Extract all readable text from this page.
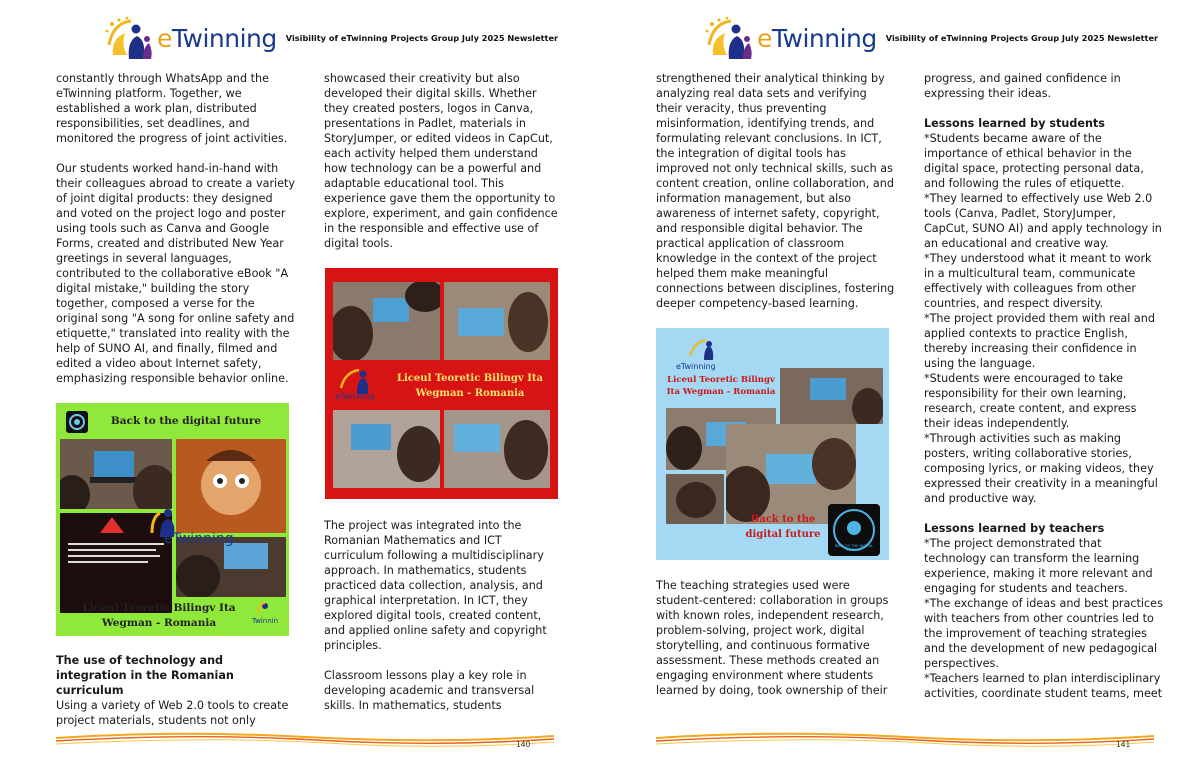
eTwinning Visibility of eTwinning Projects Group July 2025 Newsletter

constantly through WhatsApp and the eTwinning platform. Together, we established a work plan, distributed responsibilities, set deadlines, and monitored the progress of joint activities.

Our students worked hand-in-hand with their colleagues abroad to create a variety of joint digital products: they designed and voted on the project logo and poster using tools such as Canva and Google Forms, created and distributed New Year greetings in several languages, contributed to the collaborative eBook "A digital mistake," building the story together, composed a verse for the original song "A song for online safety and etiquette," translated into reality with the help of SUNO AI, and finally, filmed and edited a video about Internet safety, emphasizing responsible behavior online.

Back to the digital future
eTwinning
Liceul Teoretic Bilingv Ita
Wegman - Romania	Twinnin
The use of technology and integration in the Romanian curriculum

Using a variety of Web 2.0 tools to create project materials, students not only

showcased their creativity but also developed their digital skills. Whether they created posters, logos in Canva, presentations in Padlet, materials in StoryJumper, or edited videos in CapCut, each activity helped them understand how technology can be a powerful and adaptable educational tool. This experience gave them the opportunity to explore, experiment, and gain confidence in the responsible and effective use of digital tools.

eTwinning
Liceul Teoretic Bilingv Ita
Wegman - Romania

The project was integrated into the Romanian Mathematics and ICT curriculum following a multidisciplinary approach. In mathematics, students practiced data collection, analysis, and graphical interpretation. In ICT, they explored digital tools, created content, and applied online safety and copyright principles.

Classroom lessons play a key role in developing academic and transversal skills. In mathematics, students

140
eTwinning Visibility of eTwinning Projects Group July 2025 Newsletter

strengthened their analytical thinking by analyzing real data sets and verifying their veracity, thus preventing misinformation, identifying trends, and formulating relevant conclusions. In ICT, the integration of digital tools has improved not only technical skills, such as content creation, online collaboration, and information management, but also awareness of internet safety, copyright, and responsible digital behavior. The practical application of classroom knowledge in the context of the project helped them make meaningful connections between disciplines, fostering deeper competency-based learning.

eTwinning
Liceul Teoretic Bilingv
Ita Wegman - Romania
Back to the
digital future
BACK TO THE DIGITAL FUTURE

The teaching strategies used were student-centered: collaboration in groups with known roles, independent research, problem-solving, project work, digital storytelling, and continuous formative assessment. These methods created an engaging environment where students learned by doing, took ownership of their

progress, and gained confidence in expressing their ideas.

Lessons learned by students

*Students became aware of the importance of ethical behavior in the digital space, protecting personal data, and following the rules of etiquette.

*They learned to effectively use Web 2.0 tools (Canva, Padlet, StoryJumper, CapCut, SUNO AI) and apply technology in an educational and creative way.

*They understood what it meant to work in a multicultural team, communicate effectively with colleagues from other countries, and respect diversity.

*The project provided them with real and applied contexts to practice English, thereby increasing their confidence in using the language.

*Students were encouraged to take responsibility for their own learning, research, create content, and express their ideas independently.

*Through activities such as making posters, writing collaborative stories, composing lyrics, or making videos, they expressed their creativity in a meaningful and productive way.

Lessons learned by teachers

*The project demonstrated that technology can transform the learning experience, making it more relevant and engaging for students and teachers.

*The exchange of ideas and best practices with teachers from other countries led to the improvement of teaching strategies and the development of new pedagogical perspectives.

*Teachers learned to plan interdisciplinary activities, coordinate student teams, meet

141
